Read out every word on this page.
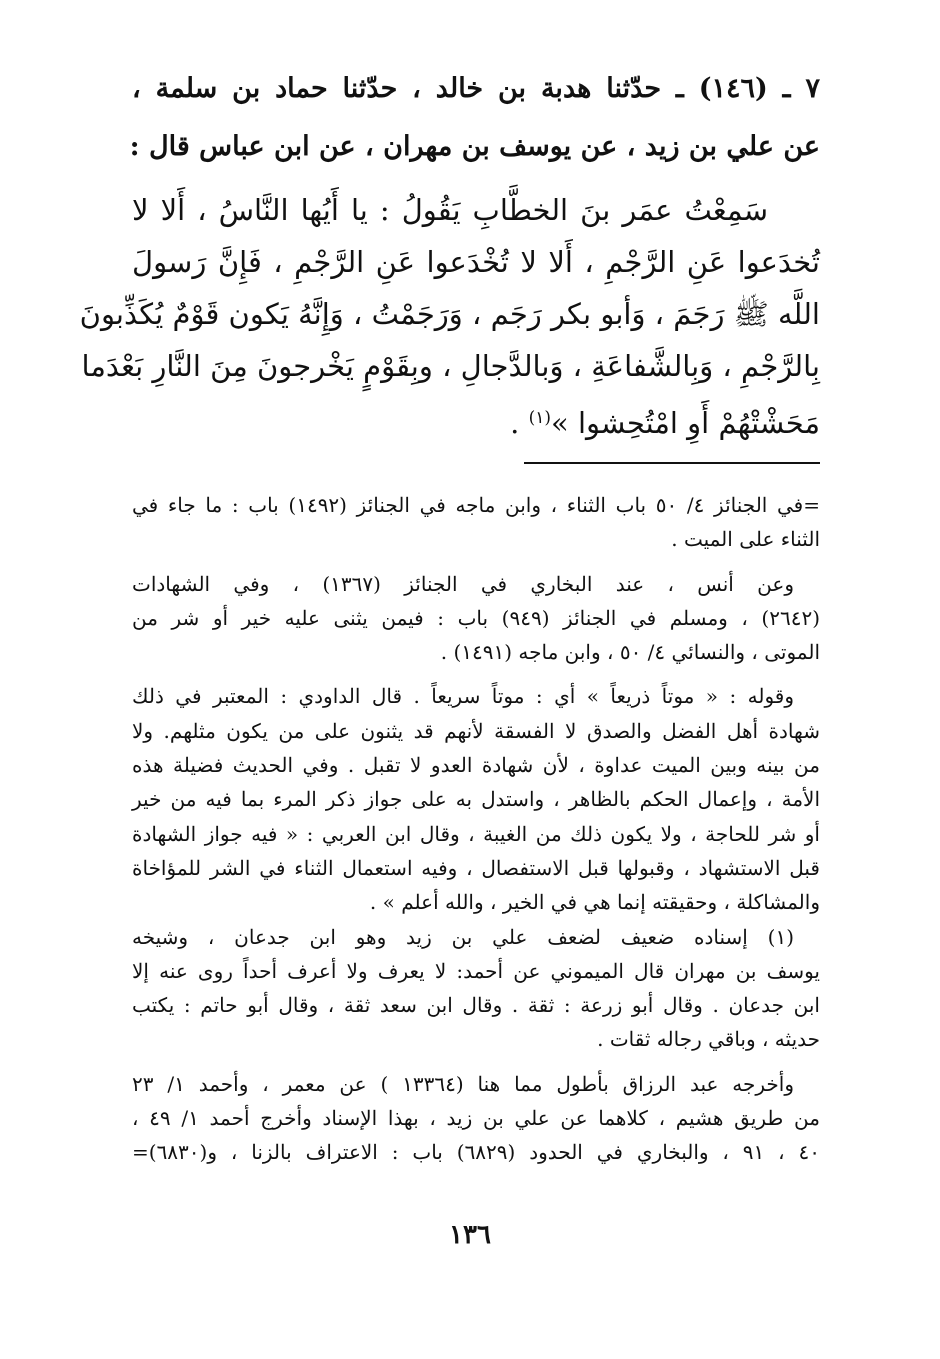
٧ ـ (١٤٦) ـ حدّثنا هدبة بن خالد ، حدّثنا حماد بن سلمة ،
عن علي بن زيد ، عن يوسف بن مهران ، عن ابن عباس قال :
سَمِعْتُ عمَر بنَ الخطَّابِ يَقُولُ : يا أَيُها النَّاسُ ، أَلا لا
تُخدَعوا عَنِ الرَّجْمِ ، أَلا لا تُخْدَعوا عَنِ الرَّجْمِ ، فَإِنَّ رَسولَ
اللَّه ﷺ رَجَمَ ، وَأبو بكر رَجَم ، وَرَجَمْتُ ، وَإِنَّهُ يَكون قَوْمٌ يُكَذِّبونَ
بِالرَّجْمِ ، وَبِالشَّفاعَةِ ، وَبالدَّجالِ ، وبِقَوْمٍ يَخْرجونَ مِنَ النَّارِ بَعْدَما
مَحَشْتْهُمْ أَوِ امْتُحِشوا »$^{(١)}$ .
=في الجنائز ٤/ ٥٠ باب الثناء ، وابن ماجه في الجنائز (١٤٩٢) باب : ما جاء في
الثناء على الميت .
وعن أنس ، عند البخاري في الجنائز (١٣٦٧) ، وفي الشهادات
(٢٦٤٢) ، ومسلم في الجنائز (٩٤٩) باب : فيمن يثنى عليه خير أو شر من
الموتى ، والنسائي ٤/ ٥٠ ، وابن ماجه (١٤٩١) .
وقوله : « موتاً ذريعاً » أي : موتاً سريعاً . قال الداودي : المعتبر في ذلك
شهادة أهل الفضل والصدق لا الفسقة لأنهم قد يثنون على من يكون مثلهم. ولا
من بينه وبين الميت عداوة ، لأن شهادة العدو لا تقبل . وفي الحديث فضيلة هذه
الأمة ، وإعمال الحكم بالظاهر ، واستدل به على جواز ذكر المرء بما فيه من خير
أو شر للحاجة ، ولا يكون ذلك من الغيبة ، وقال ابن العربي : « فيه جواز الشهادة
قبل الاستشهاد ، وقبولها قبل الاستفصال ، وفيه استعمال الثناء في الشر للمؤاخاة
والمشاكلة ، وحقيقته إنما هي في الخير ، والله أعلم » .
(١) إسناده ضعيف لضعف علي بن زيد وهو ابن جدعان ، وشيخه
يوسف بن مهران قال الميموني عن أحمد: لا يعرف ولا أعرف أحداً روى عنه إلا
ابن جدعان . وقال أبو زرعة : ثقة . وقال ابن سعد ثقة ، وقال أبو حاتم : يكتب
حديثه ، وباقي رجاله ثقات .
وأخرجه عبد الرزاق بأطول مما هنا (١٣٣٦٤ ) عن معمر ، وأحمد ١/ ٢٣
من طريق هشيم ، كلاهما عن علي بن زيد ، بهذا الإسناد وأخرج أحمد ١/ ٤٩ ،
٤٠ ، ٩١ ، والبخاري في الحدود (٦٨٢٩) باب : الاعتراف بالزنا ، و(٦٨٣٠)=
١٣٦
